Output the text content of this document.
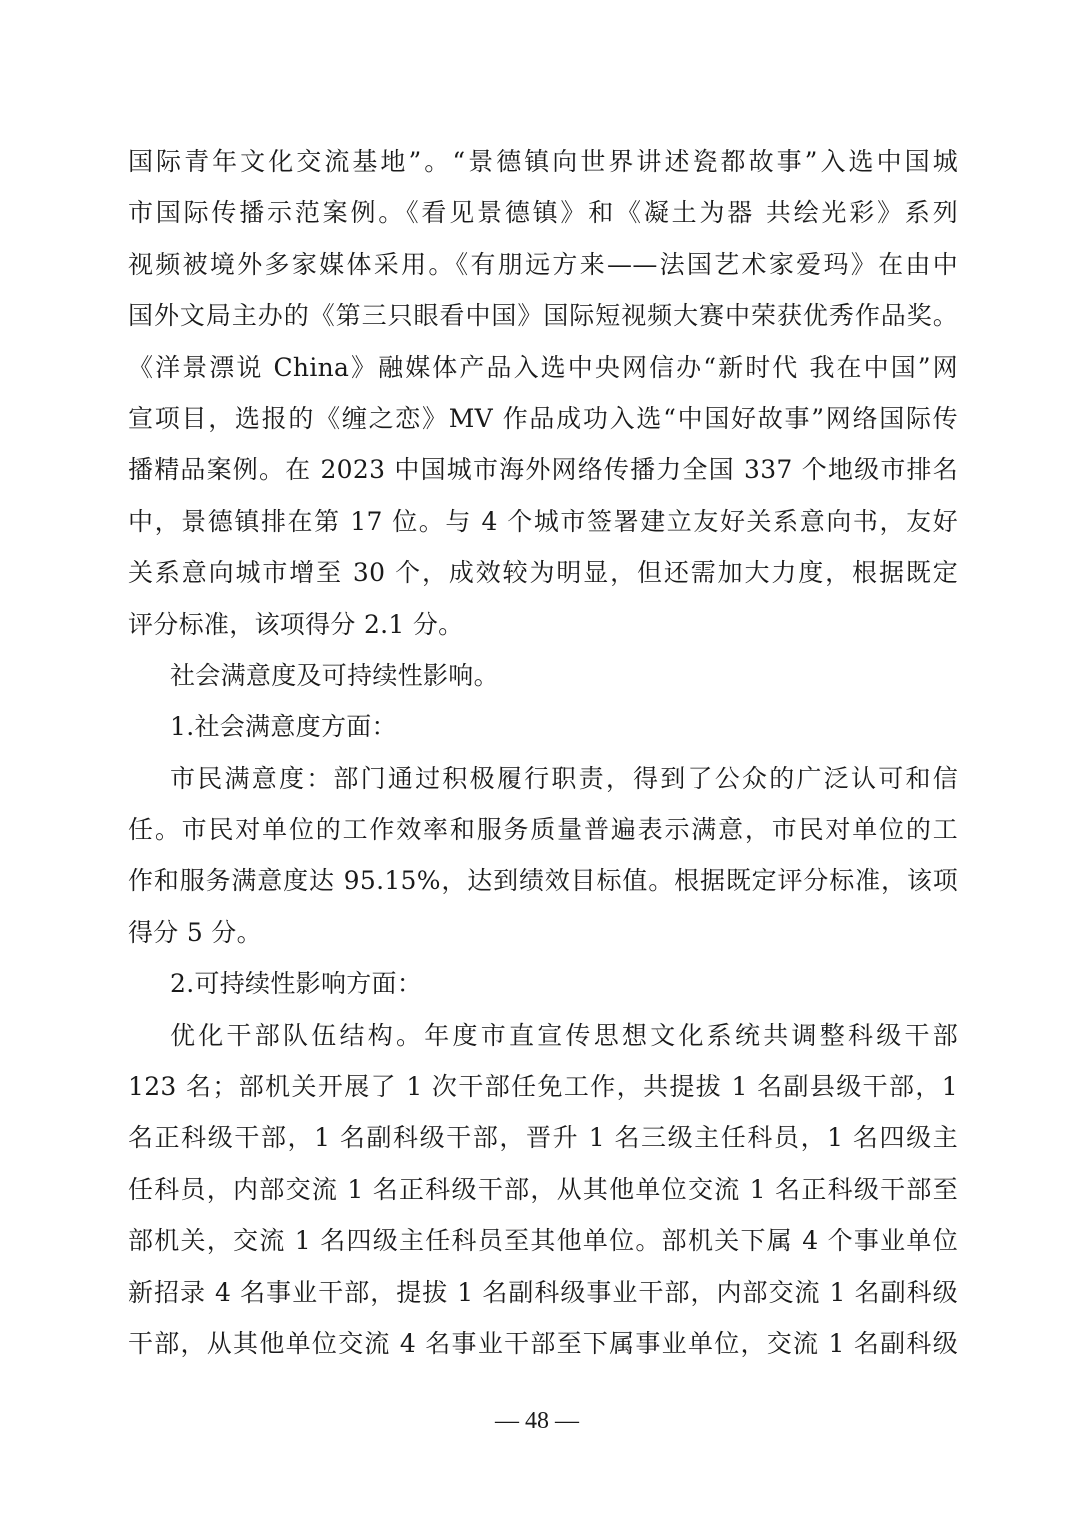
国际青年文化交流基地”。“景德镇向世界讲述瓷都故事”入选中国城
市国际传播示范案例。《看见景德镇》和《凝土为器 共绘光彩》系列
视频被境外多家媒体采用。《有朋远方来——法国艺术家爱玛》在由中
国外文局主办的《第三只眼看中国》国际短视频大赛中荣获优秀作品奖。
《洋景漂说 China》融媒体产品入选中央网信办“新时代 我在中国”网
宣项目，选报的《缠之恋》MV 作品成功入选“中国好故事”网络国际传
播精品案例。在 2023 中国城市海外网络传播力全国 337 个地级市排名
中，景德镇排在第 17 位。与 4 个城市签署建立友好关系意向书，友好
关系意向城市增至 30 个，成效较为明显，但还需加大力度，根据既定
评分标准，该项得分 2.1 分。
社会满意度及可持续性影响。
1.社会满意度方面：
市民满意度：部门通过积极履行职责，得到了公众的广泛认可和信
任。市民对单位的工作效率和服务质量普遍表示满意，市民对单位的工
作和服务满意度达 95.15%，达到绩效目标值。根据既定评分标准，该项
得分 5 分。
2.可持续性影响方面：
优化干部队伍结构。年度市直宣传思想文化系统共调整科级干部
123 名；部机关开展了 1 次干部任免工作，共提拔 1 名副县级干部，1
名正科级干部，1 名副科级干部，晋升 1 名三级主任科员，1 名四级主
任科员，内部交流 1 名正科级干部，从其他单位交流 1 名正科级干部至
部机关，交流 1 名四级主任科员至其他单位。部机关下属 4 个事业单位
新招录 4 名事业干部，提拔 1 名副科级事业干部，内部交流 1 名副科级
干部，从其他单位交流 4 名事业干部至下属事业单位，交流 1 名副科级
— 48 —
